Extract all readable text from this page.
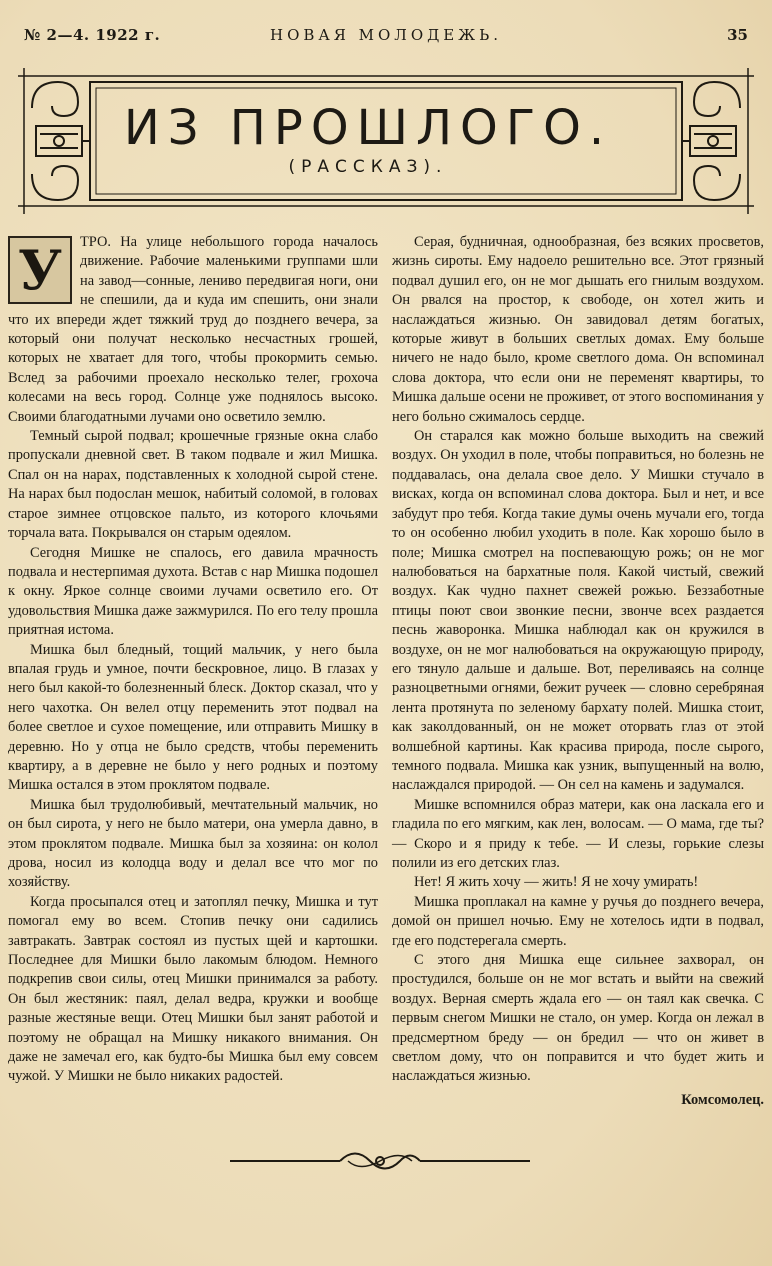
№ 2—4. 1922 г.	НОВАЯ МОЛОДЕЖЬ.	35
ИЗ ПРОШЛОГО.
(РАССКАЗ).
У	ТРО. На улице небольшого города началось движение. Рабочие маленькими группами шли на завод—сонные, лениво передвигая ноги, они не спешили, да и куда им спешить, они знали что их впереди ждет тяжкий труд до позднего вечера, за который они получат несколько несчастных грошей, которых не хватает для того, чтобы прокормить семью. Вслед за рабочими проехало несколько телег, грохоча колесами на весь город. Солнце уже поднялось высоко. Своими благодатными лучами оно осветило землю.

Темный сырой подвал; крошечные грязные окна слабо пропускали дневной свет. В таком подвале и жил Мишка. Спал он на нарах, подставленных к холодной сырой стене. На нарах был подослан мешок, набитый соломой, в головах старое зимнее отцовское пальто, из которого клочьями торчала вата. Покрывался он старым одеялом.

Сегодня Мишке не спалось, его давила мрачность подвала и нестерпимая духота. Встав с нар Мишка подошел к окну. Яркое солнце своими лучами осветило его. От удовольствия Мишка даже зажмурился. По его телу прошла приятная истома.

Мишка был бледный, тощий мальчик, у него была впалая грудь и умное, почти бескровное, лицо. В глазах у него был какой-то болезненный блеск. Доктор сказал, что у него чахотка. Он велел отцу переменить этот подвал на более светлое и сухое помещение, или отправить Мишку в деревню. Но у отца не было средств, чтобы переменить квартиру, а в деревне не было у него родных и поэтому Мишка остался в этом проклятом подвале.

Мишка был трудолюбивый, мечтательный мальчик, но он был сирота, у него не было матери, она умерла давно, в этом проклятом подвале. Мишка был за хозяина: он колол дрова, носил из колодца воду и делал все что мог по хозяйству.

Когда просыпался отец и затоплял печку, Мишка и тут помогал ему во всем. Стопив печку они садились завтракать. Завтрак состоял из пустых щей и картошки. Последнее для Мишки было лакомым блюдом. Немного подкрепив свои силы, отец Мишки принимался за работу. Он был жестяник: паял, делал ведра, кружки и вообще разные жестяные вещи. Отец Мишки был занят работой и поэтому не обращал на Мишку никакого внимания. Он даже не замечал его, как будто-бы Мишка был ему совсем чужой. У Мишки не было никаких радостей.

Серая, будничная, однообразная, без всяких просветов, жизнь сироты. Ему надоело решительно все. Этот грязный подвал душил его, он не мог дышать его гнилым воздухом. Он рвался на простор, к свободе, он хотел жить и наслаждаться жизнью. Он завидовал детям богатых, которые живут в больших светлых домах. Ему больше ничего не надо было, кроме светлого дома. Он вспоминал слова доктора, что если они не переменят квартиры, то Мишка дальше осени не проживет, от этого воспоминания у него больно сжималось сердце.

Он старался как можно больше выходить на свежий воздух. Он уходил в поле, чтобы поправиться, но болезнь не поддавалась, она делала свое дело. У Мишки стучало в висках, когда он вспоминал слова доктора. Был и нет, и все забудут про тебя. Когда такие думы очень мучали его, тогда то он особенно любил уходить в поле. Как хорошо было в поле; Мишка смотрел на поспевающую рожь; он не мог налюбоваться на бархатные поля. Какой чистый, свежий воздух. Как чудно пахнет свежей рожью. Беззаботные птицы поют свои звонкие песни, звонче всех раздается песнь жаворонка. Мишка наблюдал как он кружился в воздухе, он не мог налюбоваться на окружающую природу, его тянуло дальше и дальше. Вот, переливаясь на солнце разноцветными огнями, бежит ручеек — словно серебряная лента протянута по зеленому бархату полей. Мишка стоит, как заколдованный, он не может оторвать глаз от этой волшебной картины. Как красива природа, после сырого, темного подвала. Мишка как узник, выпущенный на волю, наслаждался природой. — Он сел на камень и задумался.

Мишке вспомнился образ матери, как она ласкала его и гладила по его мягким, как лен, волосам. — О мама, где ты? — Скоро и я приду к тебе. — И слезы, горькие слезы полили из его детских глаз.

Нет! Я жить хочу — жить! Я не хочу умирать!

Мишка проплакал на камне у ручья до позднего вечера, домой он пришел ночью. Ему не хотелось идти в подвал, где его подстерегала смерть.

С этого дня Мишка еще сильнее захворал, он простудился, больше он не мог встать и выйти на свежий воздух. Верная смерть ждала его — он таял как свечка. С первым снегом Мишки не стало, он умер. Когда он лежал в предсмертном бреду — он бредил — что он живет в светлом дому, что он поправится и что будет жить и наслаждаться жизнью.

Комсомолец.
